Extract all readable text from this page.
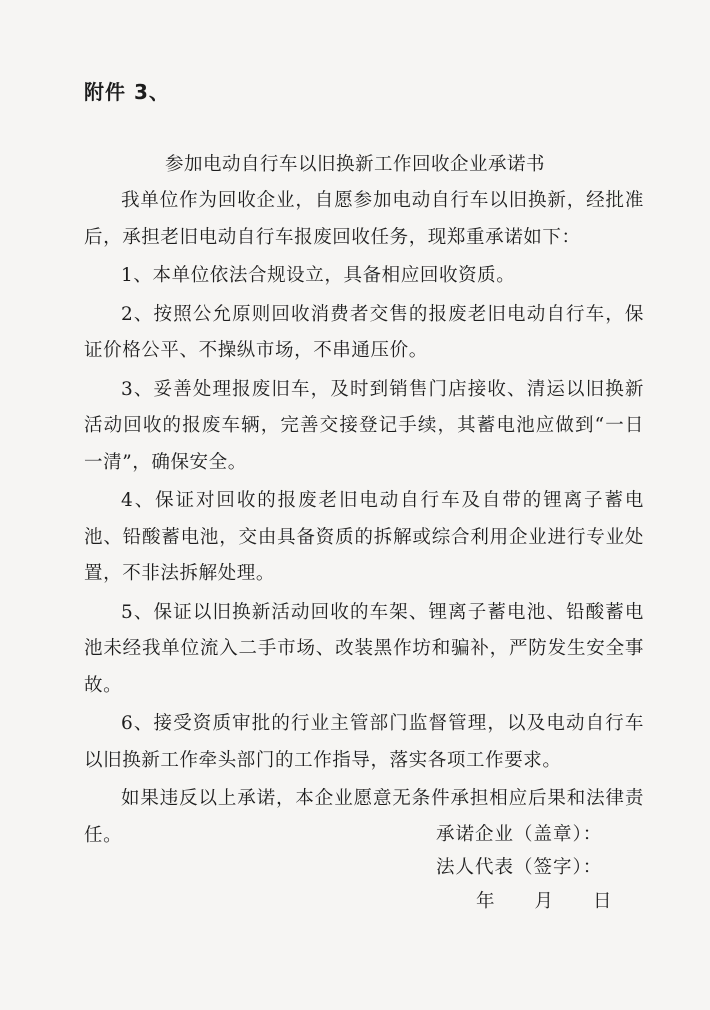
附件 3、
参加电动自行车以旧换新工作回收企业承诺书

我单位作为回收企业，自愿参加电动自行车以旧换新，经批准后，承担老旧电动自行车报废回收任务，现郑重承诺如下：

1、本单位依法合规设立，具备相应回收资质。

2、按照公允原则回收消费者交售的报废老旧电动自行车，保证价格公平、不操纵市场，不串通压价。

3、妥善处理报废旧车，及时到销售门店接收、清运以旧换新活动回收的报废车辆，完善交接登记手续，其蓄电池应做到“一日一清”，确保安全。

4、保证对回收的报废老旧电动自行车及自带的锂离子蓄电池、铅酸蓄电池，交由具备资质的拆解或综合利用企业进行专业处置，不非法拆解处理。

5、保证以旧换新活动回收的车架、锂离子蓄电池、铅酸蓄电池未经我单位流入二手市场、改装黑作坊和骗补，严防发生安全事故。

6、接受资质审批的行业主管部门监督管理，以及电动自行车以旧换新工作牵头部门的工作指导，落实各项工作要求。

如果违反以上承诺，本企业愿意无条件承担相应后果和法律责任。	承诺企业（盖章）：
法人代表（签字）：
年 月 日
